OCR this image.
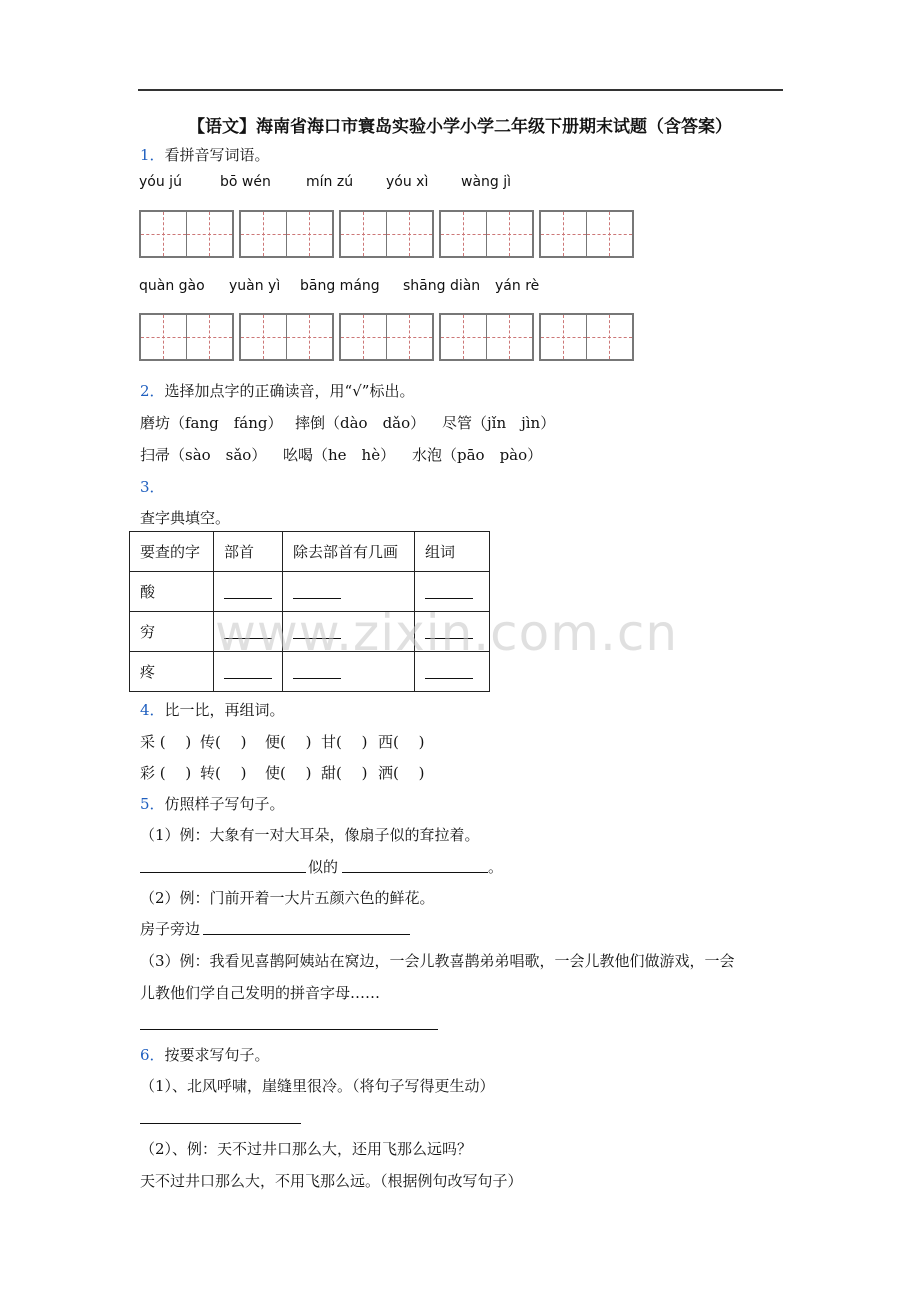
【语文】海南省海口市寰岛实验小学小学二年级下册期末试题（含答案）
1．看拼音写词语。
yóu jú	bō wén	mín zú yóu xì wàng jì
quàn gào yuàn yì bāng máng shāng diàn yán rè
2．选择加点字的正确读音，用“√”标出。
磨坊（fang　fáng） 摔倒（dào　dǎo） 尽管（jǐn　jìn）
扫帚（sào　sǎo） 吆喝（he　hè） 水泡（pāo　pào）
3．
查字典填空。
要查的字	部首	除去部首有几画	组词
酸			
穷			
疼			
www.zixin.com.cn
4．比一比，再组词。
采 (　 ) 传(　 ) 便(　 ) 甘(　 ) 西(　 )
彩 (　 ) 转(　 ) 使(　 ) 甜(　 ) 洒(　 )
5．仿照样子写句子。
（1）例：大象有一对大耳朵，像扇子似的耷拉着。
似的	。
（2）例：门前开着一大片五颜六色的鲜花。
房子旁边
（3）例：我看见喜鹊阿姨站在窝边，一会儿教喜鹊弟弟唱歌，一会儿教他们做游戏，一会
儿教他们学自己发明的拼音字母……
6．按要求写句子。
（1）、北风呼啸，崖缝里很冷。（将句子写得更生动）
（2）、例：天不过井口那么大，还用飞那么远吗？
天不过井口那么大，不用飞那么远。（根据例句改写句子）
